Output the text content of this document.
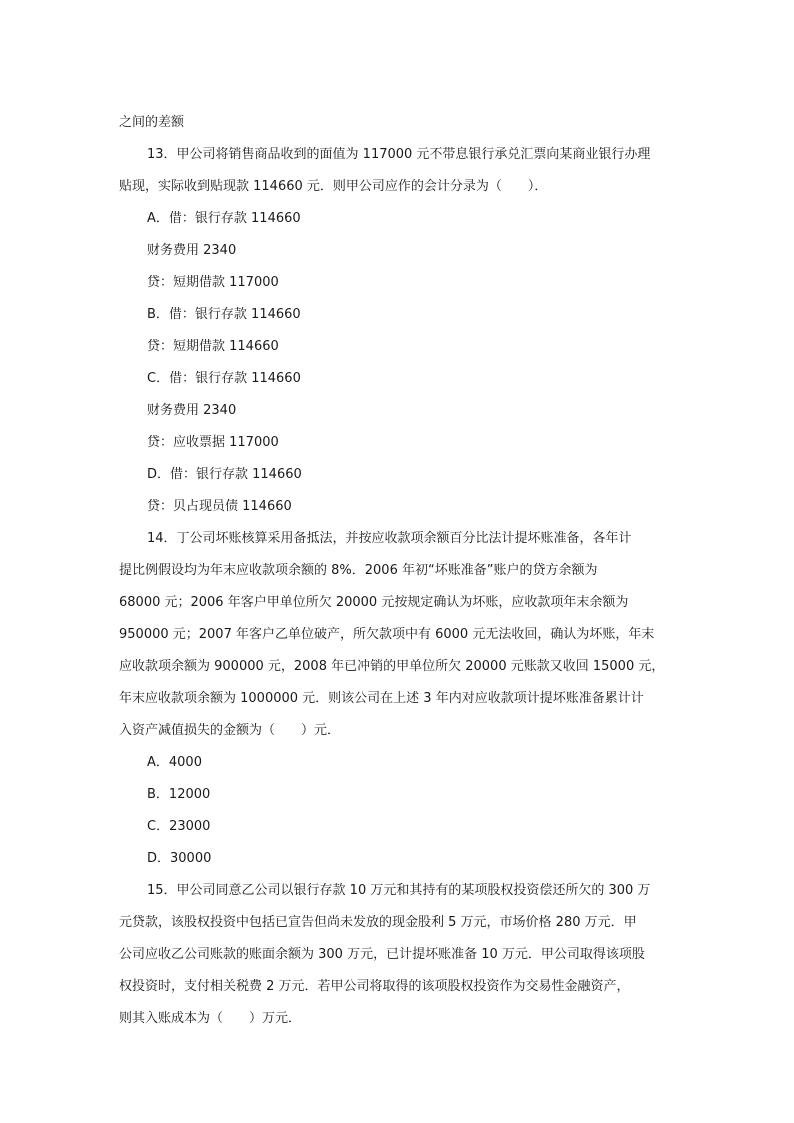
之间的差额
13．甲公司将销售商品收到的面值为 117000 元不带息银行承兑汇票向某商业银行办理
贴现，实际收到贴现款 114660 元．则甲公司应作的会计分录为（　　）．
A．借：银行存款 114660
财务费用 2340
贷：短期借款 117000
B．借：银行存款 114660
贷：短期借款 114660
C．借：银行存款 114660
财务费用 2340
贷：应收票据 117000
D．借：银行存款 114660
贷：贝占现员债 114660
14．丁公司坏账核算采用备抵法，并按应收款项余额百分比法计提坏账准备，各年计
提比例假设均为年末应收款项余额的 8%．2006 年初“坏账准备”账户的贷方余额为
68000 元；2006 年客户甲单位所欠 20000 元按规定确认为坏账，应收款项年末余额为
950000 元；2007 年客户乙单位破产，所欠款项中有 6000 元无法收回，确认为坏账，年末
应收款项余额为 900000 元，2008 年已冲销的甲单位所欠 20000 元账款又收回 15000 元，
年末应收款项余额为 1000000 元．则该公司在上述 3 年内对应收款项计提坏账准备累计计
入资产减值损失的金额为（　　）元．
A．4000
B．12000
C．23000
D．30000
15．甲公司同意乙公司以银行存款 10 万元和其持有的某项股权投资偿还所欠的 300 万
元贷款，该股权投资中包括已宣告但尚未发放的现金股利 5 万元，市场价格 280 万元．甲
公司应收乙公司账款的账面余额为 300 万元，已计提坏账准备 10 万元．甲公司取得该项股
权投资时，支付相关税费 2 万元．若甲公司将取得的该项股权投资作为交易性金融资产，
则其入账成本为（　　）万元．
